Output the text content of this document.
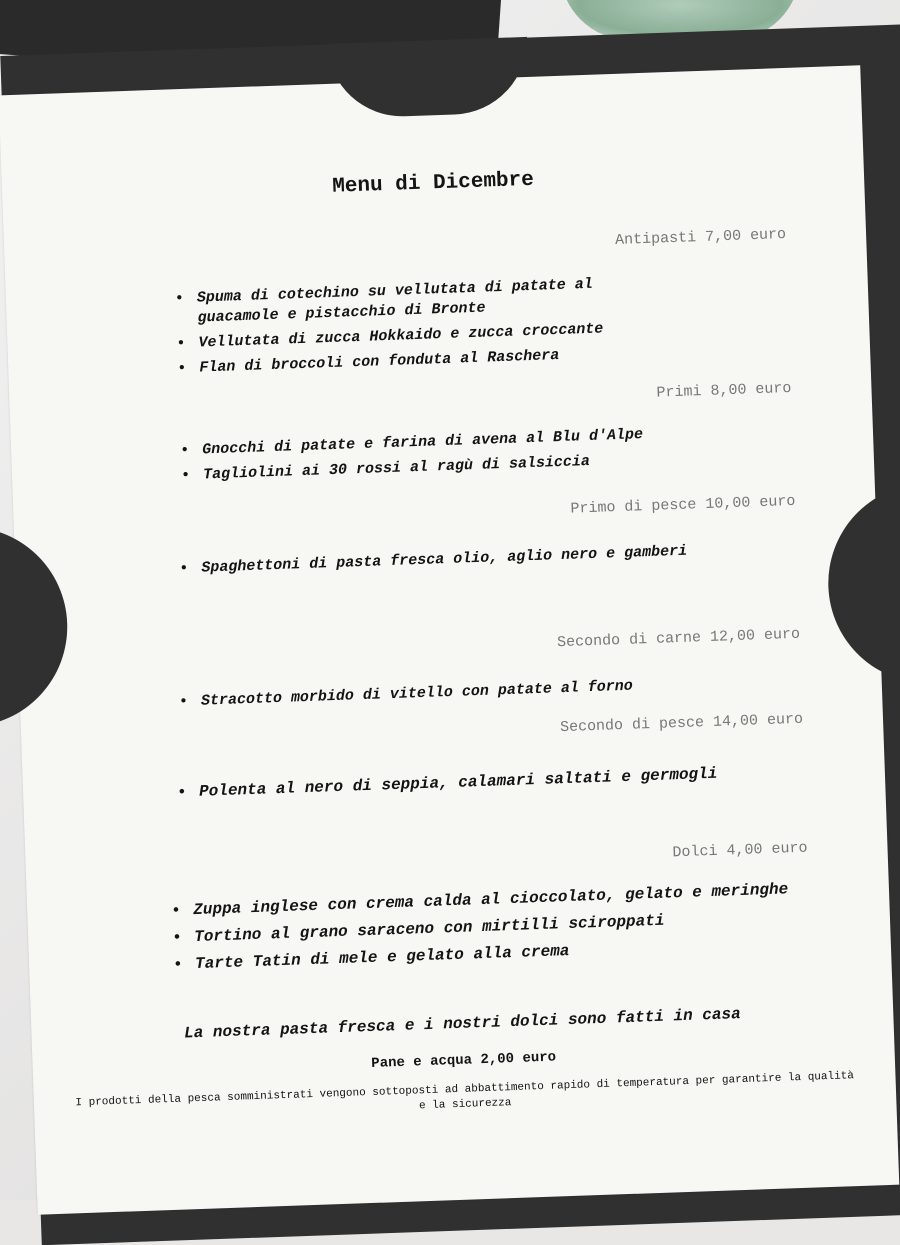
Menu di Dicembre
Antipasti 7,00 euro
• Spuma di cotechino su vellutata di patate al guacamole e pistacchio di Bronte
• Vellutata di zucca Hokkaido e zucca croccante
• Flan di broccoli con fonduta al Raschera
Primi 8,00 euro
• Gnocchi di patate e farina di avena al Blu d'Alpe
• Tagliolini ai 30 rossi al ragù di salsiccia
Primo di pesce 10,00 euro
• Spaghettoni di pasta fresca olio, aglio nero e gamberi
Secondo di carne 12,00 euro
• Stracotto morbido di vitello con patate al forno
Secondo di pesce 14,00 euro
• Polenta al nero di seppia, calamari saltati e germogli
Dolci 4,00 euro
• Zuppa inglese con crema calda al cioccolato, gelato e meringhe
• Tortino al grano saraceno con mirtilli sciroppati
• Tarte Tatin di mele e gelato alla crema
La nostra pasta fresca e i nostri dolci sono fatti in casa
Pane e acqua 2,00 euro
I prodotti della pesca somministrati vengono sottoposti ad abbattimento rapido di temperatura per garantire la qualità e la sicurezza
